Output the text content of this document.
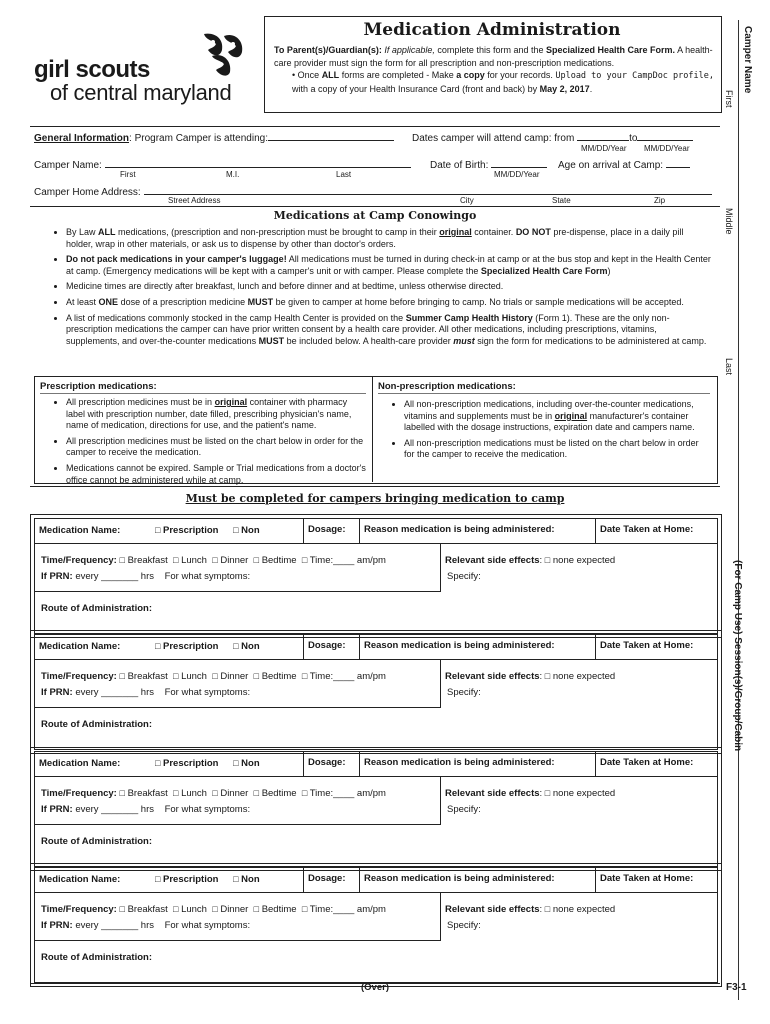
girl scouts
of central maryland
Medication Administration

To Parent(s)/Guardian(s): If applicable, complete this form and the Specialized Health Care Form. A health-care provider must sign the form for all prescription and non-prescription medications.

• Once ALL forms are completed - Make a copy for your records. Upload to your CampDoc profile, with a copy of your Health Insurance Card (front and back) by May 2, 2017.	Camper Name
First
Middle
Last
(For Camp Use) Session(s)/Group/Cabin
General Information: Program Camper is attending:	Dates camper will attend camp: from	to
MM/DD/Year MM/DD/Year
Camper Name:
First	M.I.	Last
Date of Birth:
MM/DD/Year
Age on arrival at Camp:
Camper Home Address:
Street Address	City	State	Zip
Medications at Camp Conowingo
• By Law ALL medications, (prescription and non-prescription must be brought to camp in their original container. DO NOT pre-dispense, place in a daily pill holder, wrap in other materials, or ask us to dispense by other than doctor's orders.
• Do not pack medications in your camper's luggage! All medications must be turned in during check-in at camp or at the bus stop and kept in the Health Center at camp. (Emergency medications will be kept with a camper's unit or with camper. Please complete the Specialized Health Care Form)
• Medicine times are directly after breakfast, lunch and before dinner and at bedtime, unless otherwise directed.
• At least ONE dose of a prescription medicine MUST be given to camper at home before bringing to camp. No trials or sample medications will be accepted.
• A list of medications commonly stocked in the camp Health Center is provided on the Summer Camp Health History (Form 1). These are the only non-prescription medications the camper can have prior written consent by a health care provider. All other medications, including prescriptions, vitamins, supplements, and over-the-counter medications MUST be included below. A health-care provider must sign the form for medications to be administered at camp.
Prescription medications:
• All prescription medicines must be in original container with pharmacy label with prescription number, date filled, prescribing physician's name, name of medication, directions for use, and the patient's name.
• All prescription medicines must be listed on the chart below in order for the camper to receive the medication.
• Medications cannot be expired. Sample or Trial medications from a doctor's office cannot be administered while at camp.
Non-prescription medications:
• All non-prescription medications, including over-the-counter medications, vitamins and supplements must be in original manufacturer's container labelled with the dosage instructions, expiration date and campers name.
• All non-prescription medications must be listed on the chart below in order for the camper to receive the medication.
Must be completed for campers bringing medication to camp
Medication Name:	□ Prescription □ Non	Dosage:	Reason medication is being administered:	Date Taken at Home:
Time/Frequency: □ Breakfast □ Lunch □ Dinner □ Bedtime □ Time:____ am/pm
If PRN: every _______ hrs For what symptoms:
Relevant side effects: □ none expected
Specify:
Route of Administration:
Medication Name:	□ Prescription □ Non	Dosage:	Reason medication is being administered:	Date Taken at Home:
Time/Frequency: □ Breakfast □ Lunch □ Dinner □ Bedtime □ Time:____ am/pm
If PRN: every _______ hrs For what symptoms:
Relevant side effects: □ none expected
Specify:
Route of Administration:
Medication Name:	□ Prescription □ Non	Dosage:	Reason medication is being administered:	Date Taken at Home:
Time/Frequency: □ Breakfast □ Lunch □ Dinner □ Bedtime □ Time:____ am/pm
If PRN: every _______ hrs For what symptoms:
Relevant side effects: □ none expected
Specify:
Route of Administration:
Medication Name:	□ Prescription □ Non	Dosage:	Reason medication is being administered:	Date Taken at Home:
Time/Frequency: □ Breakfast □ Lunch □ Dinner □ Bedtime □ Time:____ am/pm
If PRN: every _______ hrs For what symptoms:
Relevant side effects: □ none expected
Specify:
Route of Administration:
(Over)	F3-1
